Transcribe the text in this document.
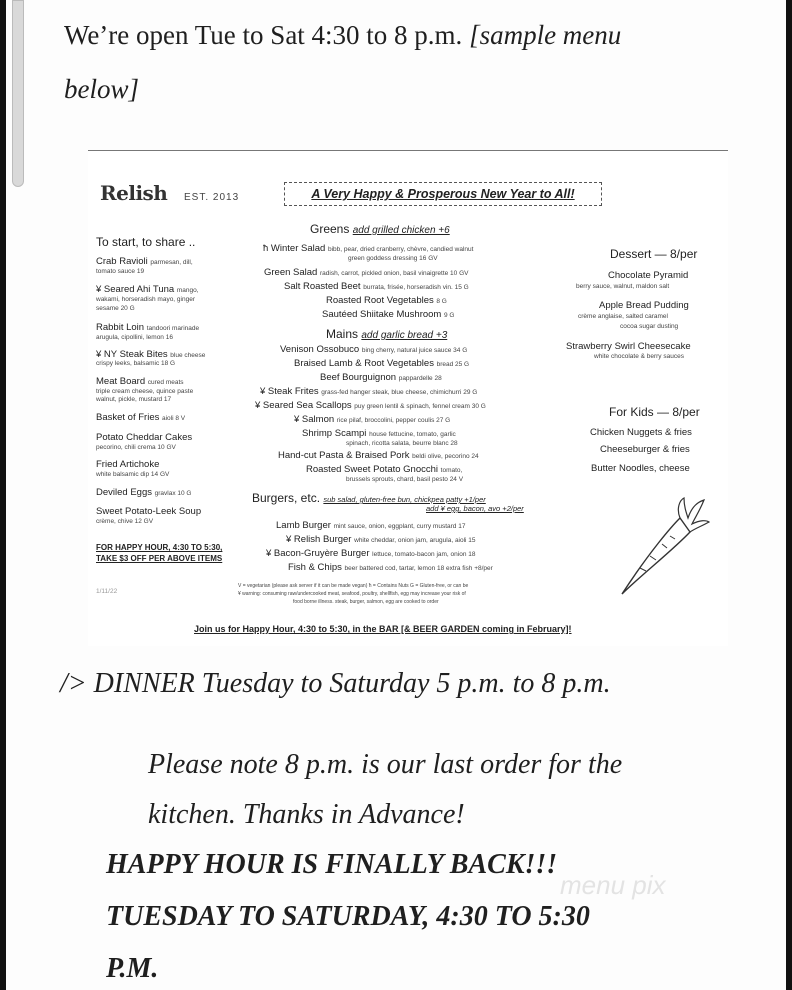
We’re open Tue to Sat 4:30 to 8 p.m. [sample menu
below]
Relish EST. 2013	A Very Happy & Prosperous New Year to All!
To start, to share ..
Crab Ravioli parmesan, dill,
tomato sauce 19
¥ Seared Ahi Tuna mango,
wakami, horseradish mayo, ginger
sesame 20 G
Rabbit Loin tandoori marinade
arugula, cipollini, lemon 16
¥ NY Steak Bites blue cheese
crispy leeks, balsamic 18 G
Meat Board cured meats
triple cream cheese, quince paste
walnut, pickle, mustard 17
Basket of Fries aioli 8 V
Potato Cheddar Cakes
pecorino, chili crema 10 GV
Fried Artichoke
white balsamic dip 14 GV
Deviled Eggs gravlax 10 G
Sweet Potato-Leek Soup
crème, chive 12 GV
FOR HAPPY HOUR, 4:30 TO 5:30,
TAKE $3 OFF PER ABOVE ITEMS
1/11/22
Greens add grilled chicken +6
ħ Winter Salad bibb, pear, dried cranberry, chèvre, candied walnut
green goddess dressing 16 GV
Green Salad radish, carrot, pickled onion, basil vinaigrette 10 GV
Salt Roasted Beet burrata, frisée, horseradish vin. 15 G
Roasted Root Vegetables 8 G
Sautéed Shiitake Mushroom 9 G
Mains add garlic bread +3
Venison Ossobuco bing cherry, natural juice sauce 34 G
Braised Lamb & Root Vegetables bread 25 G
Beef Bourguignon pappardelle 28
¥ Steak Frites grass-fed hanger steak, blue cheese, chimichurri 29 G
¥ Seared Sea Scallops puy green lentil & spinach, fennel cream 30 G
¥ Salmon rice pilaf, broccolini, pepper coulis 27 G
Shrimp Scampi house fettucine, tomato, garlic
spinach, ricotta salata, beurre blanc 28
Hand-cut Pasta & Braised Pork beldi olive, pecorino 24
Roasted Sweet Potato Gnocchi tomato,
brussels sprouts, chard, basil pesto 24 V
Burgers, etc. sub salad, gluten-free bun, chickpea patty +1/per
add ¥ egg, bacon, avo +2/per
Lamb Burger mint sauce, onion, eggplant, curry mustard 17
¥ Relish Burger white cheddar, onion jam, arugula, aioli 15
¥ Bacon-Gruyère Burger lettuce, tomato-bacon jam, onion 18
Fish & Chips beer battered cod, tartar, lemon 18 extra fish +8/per
V = vegetarian (please ask server if it can be made vegan) ħ = Contains Nuts G = Gluten-free, or can be
¥ warning: consuming raw/undercooked meat, seafood, poultry, shellfish, egg may increase your risk of
food borne illness. steak, burger, salmon, egg are cooked to order
Dessert — 8/per
Chocolate Pyramid
berry sauce, walnut, maldon salt
Apple Bread Pudding
crème anglaise, salted caramel
cocoa sugar dusting
Strawberry Swirl Cheesecake
white chocolate & berry sauces
For Kids — 8/per
Chicken Nuggets & fries
Cheeseburger & fries
Butter Noodles, cheese
Join us for Happy Hour, 4:30 to 5:30, in the BAR [& BEER GARDEN coming in February]!
/> DINNER Tuesday to Saturday 5 p.m. to 8 p.m.
Please note 8 p.m. is our last order for the
kitchen. Thanks in Advance!
HAPPY HOUR IS FINALLY BACK!!!
TUESDAY TO SATURDAY, 4:30 TO 5:30
P.M.
menu pix
